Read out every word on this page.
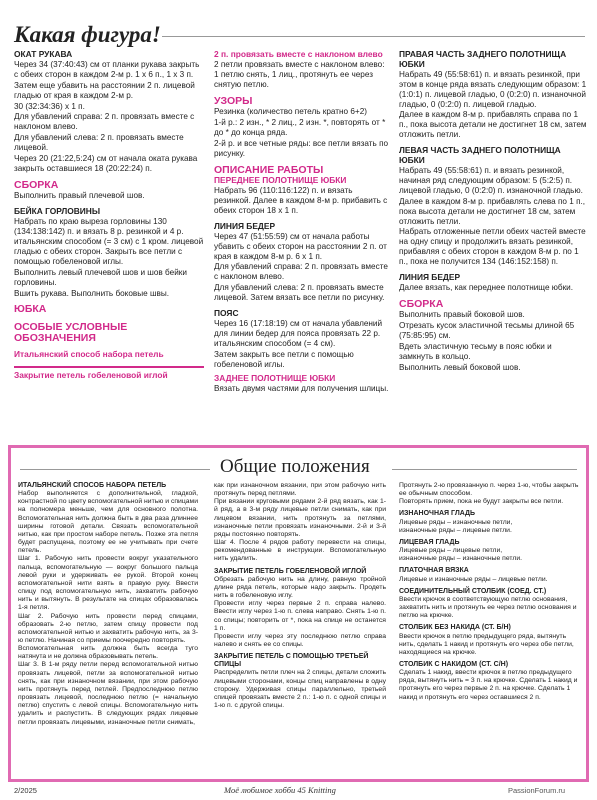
Какая фигура!
ОКАТ РУКАВА
Через 34 (37:40:43) см от планки рукава закрыть с обеих сторон в каждом 2-м р. 1 х 6 п., 1 х 3 п.
Затем еще убавить на расстоянии 2 п. лицевой гладью от края в каждом 2-м р.
30 (32:34:36) х 1 п.
Для убавлений справа: 2 п. провязать вместе с наклоном влево.
Для убавлений слева: 2 п. провязать вместе лицевой.
Через 20 (21:22,5:24) см от начала оката рукава закрыть оставшиеся 18 (20:22:24) п.
СБОРКА
Выполнить правый плечевой шов.
БЕЙКА ГОРЛОВИНЫ
Набрать по краю выреза горловины 130 (134:138:142) п. и вязать 8 р. резинкой и 4 р. итальянским способом (= 3 см) с 1 кром. лицевой гладью с обеих сторон. Закрыть все петли с помощью гобеленовой иглы.
Выполнить левый плечевой шов и шов бейки горловины.
Вшить рукава. Выполнить боковые швы.
ЮБКА
ОСОБЫЕ УСЛОВНЫЕ ОБОЗНАЧЕНИЯ
Итальянский способ набора петель
Закрытие петель гобеленовой иглой
2 п. провязать вместе с наклоном влево
2 петли провязать вместе с наклоном влево: 1 петлю снять, 1 лиц., протянуть ее через снятую петлю.
УЗОРЫ
Резинка (количество петель кратно 6+2)
1-й р.: 2 изн., * 2 лиц., 2 изн. *, повторять от * до * до конца ряда.
2-й р. и все четные ряды: все петли вязать по рисунку.
ОПИСАНИЕ РАБОТЫ
ПЕРЕДНЕЕ ПОЛОТНИЩЕ ЮБКИ
Набрать 96 (110:116:122) п. и вязать резинкой. Далее в каждом 8-м р. прибавить с обеих сторон 18 х 1 п.
ЛИНИЯ БЕДЕР
Через 47 (51:55:59) см от начала работы убавить с обеих сторон на расстоянии 2 п. от края в каждом 8-м р. 6 х 1 п.
Для убавлений справа: 2 п. провязать вместе с наклоном влево.
Для убавлений слева: 2 п. провязать вместе лицевой. Затем вязать все петли по рисунку.
ПОЯС
Через 16 (17:18:19) см от начала убавлений для линии бедер для пояса провязать 22 р. итальянским способом (= 4 см).
Затем закрыть все петли с помощью гобеленовой иглы.
ЗАДНЕЕ ПОЛОТНИЩЕ ЮБКИ
Вязать двумя частями для получения шлицы.
ПРАВАЯ ЧАСТЬ ЗАДНЕГО ПОЛОТНИЩА ЮБКИ
Набрать 49 (55:58:61) п. и вязать резинкой, при этом в конце ряда вязать следующим образом: 1 (1:0:1) п. лицевой гладью, 0 (0:2:0) п. изнаночной гладью, 0 (0:2:0) п. лицевой гладью.
Далее в каждом 8-м р. прибавлять справа по 1 п., пока высота детали не достигнет 18 см, затем отложить петли.
ЛЕВАЯ ЧАСТЬ ЗАДНЕГО ПОЛОТНИЩА ЮБКИ
Набрать 49 (55:58:61) п. и вязать резинкой, начиная ряд следующим образом: 5 (5:2:5) п. лицевой гладью, 0 (0:2:0) п. изнаночной гладью.
Далее в каждом 8-м р. прибавлять слева по 1 п., пока высота детали не достигнет 18 см, затем отложить петли.
Набрать отложенные петли обеих частей вместе на одну спицу и продолжить вязать резинкой, прибавляя с обеих сторон в каждом 8-м р. по 1 п., пока не получится 134 (146:152:158) п.
ЛИНИЯ БЕДЕР
Далее вязать, как переднее полотнище юбки.
СБОРКА
Выполнить правый боковой шов.
Отрезать кусок эластичной тесьмы длиной 65 (75:85:95) см.
Вдеть эластичную тесьму в пояс юбки и замкнуть в кольцо.
Выполнить левый боковой шов.
Общие положения
ИТАЛЬЯНСКИЙ СПОСОБ НАБОРА ПЕТЕЛЬ
Набор выполняется с дополнительной, гладкой, контрастной по цвету вспомогательной нитью и спицами на полномера меньше, чем для основного полотна. Вспомогательная нить должна быть в два раза длиннее ширины готовой детали. Связать вспомогательной нитью, как при простом наборе петель. Позже эта петля будет распущена, поэтому ее не учитывать при счете петель.
Шаг 1. Рабочую нить провести вокруг указательного пальца, вспомогательную — вокруг большого пальца левой руки и удерживать ее рукой. Второй конец вспомогательной нити взять в правую руку. Ввести спицу под вспомогательную нить, захватить рабочую нить и вытянуть. В результате на спицах образовалась 1-я петля.
Шаг 2. Рабочую нить провести перед спицами, образовать 2-ю петлю, затем спицу провести под вспомогательной нитью и захватить рабочую нить, за 3-ю петлю. Начиная со приемы поочередно повторять.
Вспомогательная нить должна быть всегда туго натянута и не должна образовывать петель.
Шаг 3. В 1-м ряду петли перед вспомогательной нитью провязать лицевой, петли за вспомогательной нитью снять, как при изнаночном вязании, при этом рабочую нить протянуть перед петлей. Предпоследнюю петлю провязать лицевой, последнюю петлю (= начальную петлю) спустить с левой спицы. Вспомогательную нить удалить и распустить. В следующих рядах лицевые петли провязать лицевыми, изнаночные петли снимать,
как при изнаночном вязании, при этом рабочую нить протянуть перед петлями.
При вязании круговыми рядами 2-й ряд вязать, как 1-й ряд, а в 3-м ряду лицевые петли снимать, как при лицевом вязании, нить протянуть за петлями, изнаночные петли провязать изнаночными. 2-й и 3-й ряды постоянно повторять.
Шаг 4. После 4 рядов работу перевести на спицы, рекомендованные в инструкции. Вспомогательную нить удалить.
ЗАКРЫТИЕ ПЕТЕЛЬ ГОБЕЛЕНОВОЙ ИГЛОЙ
Обрезать рабочую нить на длину, равную тройной длине ряда петель, которые надо закрыть. Продеть нить в гобеленовую иглу.
Провести иглу через первые 2 п. справа налево. Ввести иглу через 1-ю п. слева направо. Снять 1-ю п. со спицы; повторить от *, пока на спице не останется 1 п.
Провести иглу через эту последнюю петлю справа налево и снять ее со спицы.
ЗАКРЫТИЕ ПЕТЕЛЬ С ПОМОЩЬЮ ТРЕТЬЕЙ СПИЦЫ
Распределить петли плеч на 2 спицы, детали сложить лицевыми сторонами, концы спиц направлены в одну сторону. Удерживая спицы параллельно, третьей спицей провязать вместе 2 п.: 1-ю п. с одной спицы и 1-ю п. с другой спицы.
Протянуть 2-ю провязанную п. через 1-ю, чтобы закрыть ее обычным способом.
Повторять прием, пока не будут закрыты все петли.
ИЗНАНОЧНАЯ ГЛАДЬ
Лицевые ряды – изнаночные петли,
изнаночные ряды – лицевые петли.
ЛИЦЕВАЯ ГЛАДЬ
Лицевые ряды – лицевые петли,
изнаночные ряды – изнаночные петли.
ПЛАТОЧНАЯ ВЯЗКА
Лицевые и изнаночные ряды – лицевые петли.
СОЕДИНИТЕЛЬНЫЙ СТОЛБИК (СОЕД. СТ.)
Ввести крючок в соответствующую петлю основания, захватить нить и протянуть ее через петлю основания и петлю на крючке.
СТОЛБИК БЕЗ НАКИДА (СТ. Б/Н)
Ввести крючок в петлю предыдущего ряда, вытянуть нить, сделать 1 накид и протянуть его через обе петли, находящиеся на крючке.
СТОЛБИК С НАКИДОМ (СТ. С/Н)
Сделать 1 накид, ввести крючок в петлю предыдущего ряда, вытянуть нить = 3 п. на крючке. Сделать 1 накид и протянуть его через первые 2 п. на крючке. Сделать 1 накид и протянуть его через оставшиеся 2 п.
2/2025	Моё любимое хобби 45 Knitting	PassionForum.ru
